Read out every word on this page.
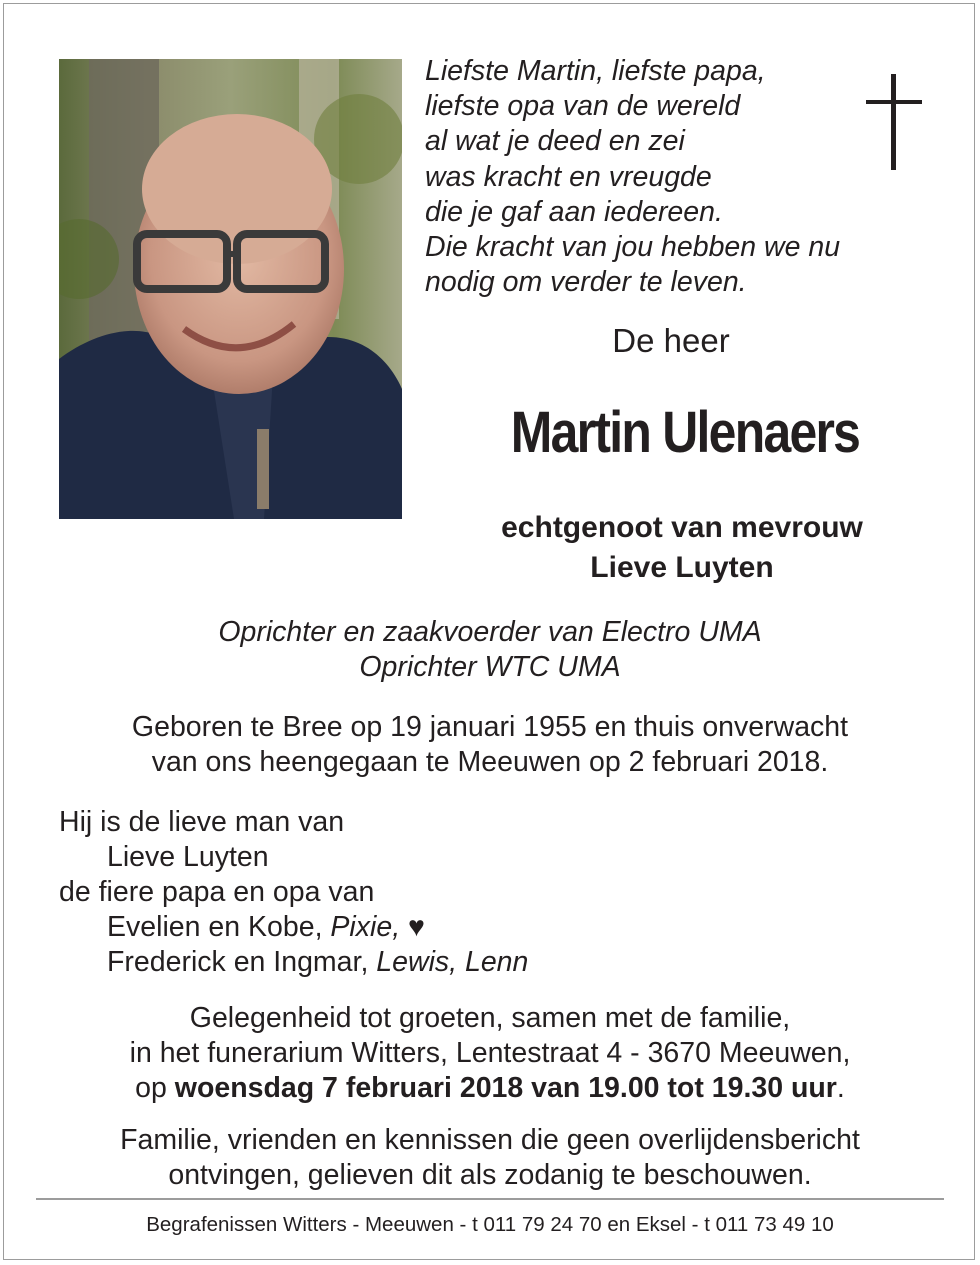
Liefste Martin, liefste papa,
liefste opa van de wereld
al wat je deed en zei
was kracht en vreugde
die je gaf aan iedereen.
Die kracht van jou hebben we nu
nodig om verder te leven.
De heer
Martin Ulenaers
echtgenoot van mevrouw
Lieve Luyten
Oprichter en zaakvoerder van Electro UMA
Oprichter WTC UMA
Geboren te Bree op 19 januari 1955 en thuis onverwacht
van ons heengegaan te Meeuwen op 2 februari 2018.
Hij is de lieve man van
Lieve Luyten
de fiere papa en opa van
Evelien en Kobe, Pixie, ♥
Frederick en Ingmar, Lewis, Lenn
Gelegenheid tot groeten, samen met de familie,
in het funerarium Witters, Lentestraat 4 - 3670 Meeuwen,
op woensdag 7 februari 2018 van 19.00 tot 19.30 uur.
Familie, vrienden en kennissen die geen overlijdensbericht
ontvingen, gelieven dit als zodanig te beschouwen.
Begrafenissen Witters - Meeuwen - t 011 79 24 70 en Eksel - t 011 73 49 10
